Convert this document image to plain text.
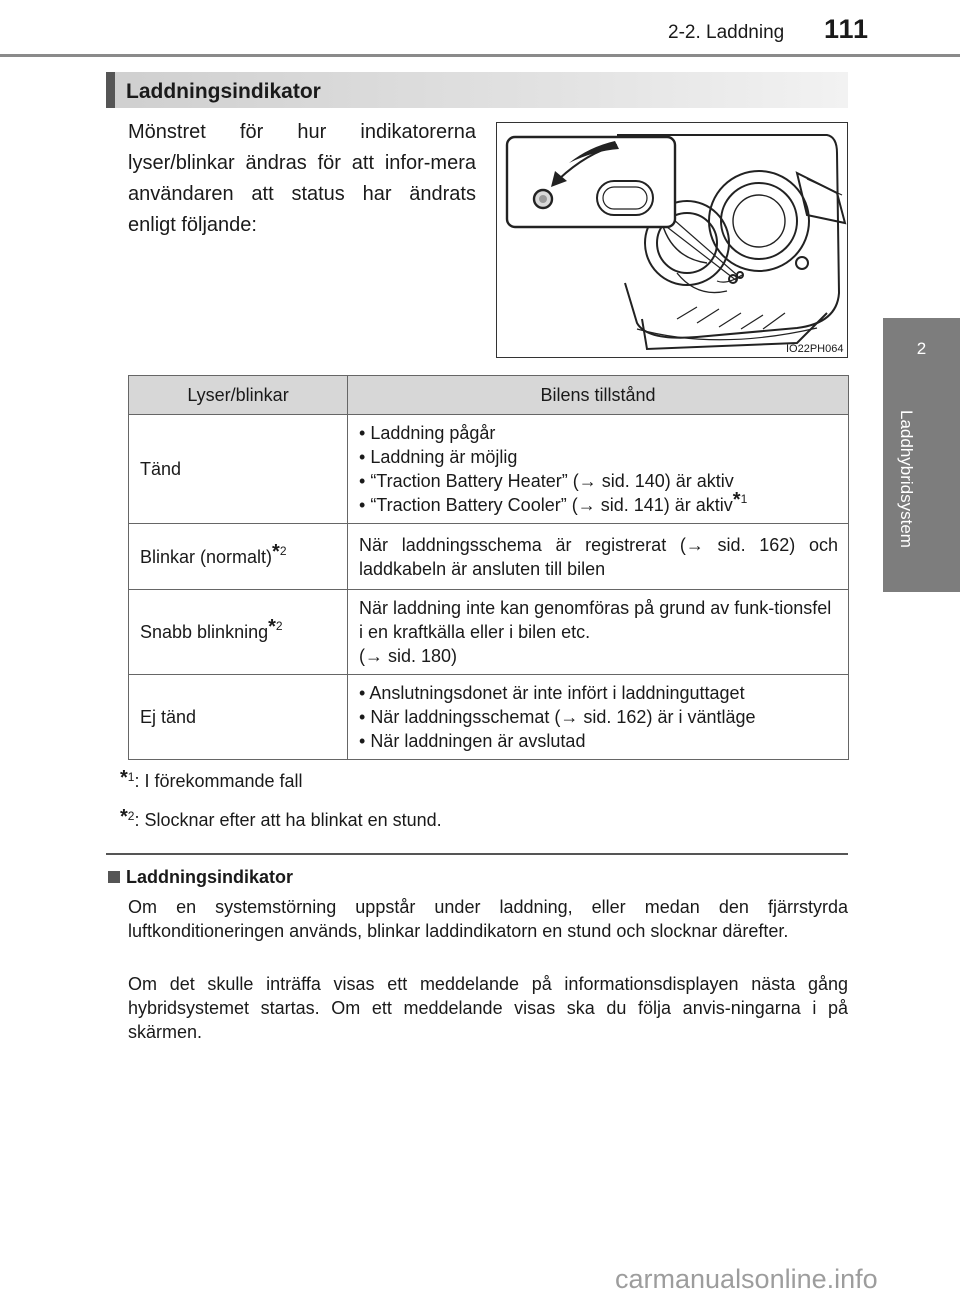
2-2. Laddning 111
2
Laddhybridsystem
Laddningsindikator
Mönstret för hur indikatorerna lyser/blinkar ändras för att infor-mera användaren att status har ändrats enligt följande:
IO22PH064
Lyser/blinkar	Bilens tillstånd
Tänd	• Laddning pågår
• Laddning är möjlig
• “Traction Battery Heater” (→ sid. 140) är aktiv
• “Traction Battery Cooler” (→ sid. 141) är aktiv$^{*1}$

Blinkar (normalt)$^{*2}$	När laddningsschema är registrerat (→ sid. 162) och laddkabeln är ansluten till bilen
Snabb blinkning$^{*2}$	När laddning inte kan genomföras på grund av funk-tionsfel i en kraftkälla eller i bilen etc.
(→ sid. 180)
Ej tänd	• Anslutningsdonet är inte infört i laddninguttaget
• När laddningsschemat (→ sid. 162) är i väntläge
• När laddningen är avslutad
$^{*1}$: I förekommande fall
$^{*2}$: Slocknar efter att ha blinkat en stund.
Laddningsindikator
Om en systemstörning uppstår under laddning, eller medan den fjärrstyrda luftkonditioneringen används, blinkar laddindikatorn en stund och slocknar därefter.
Om det skulle inträffa visas ett meddelande på informationsdisplayen nästa gång hybridsystemet startas. Om ett meddelande visas ska du följa anvis-ningarna i på skärmen.
carmanualsonline.info
